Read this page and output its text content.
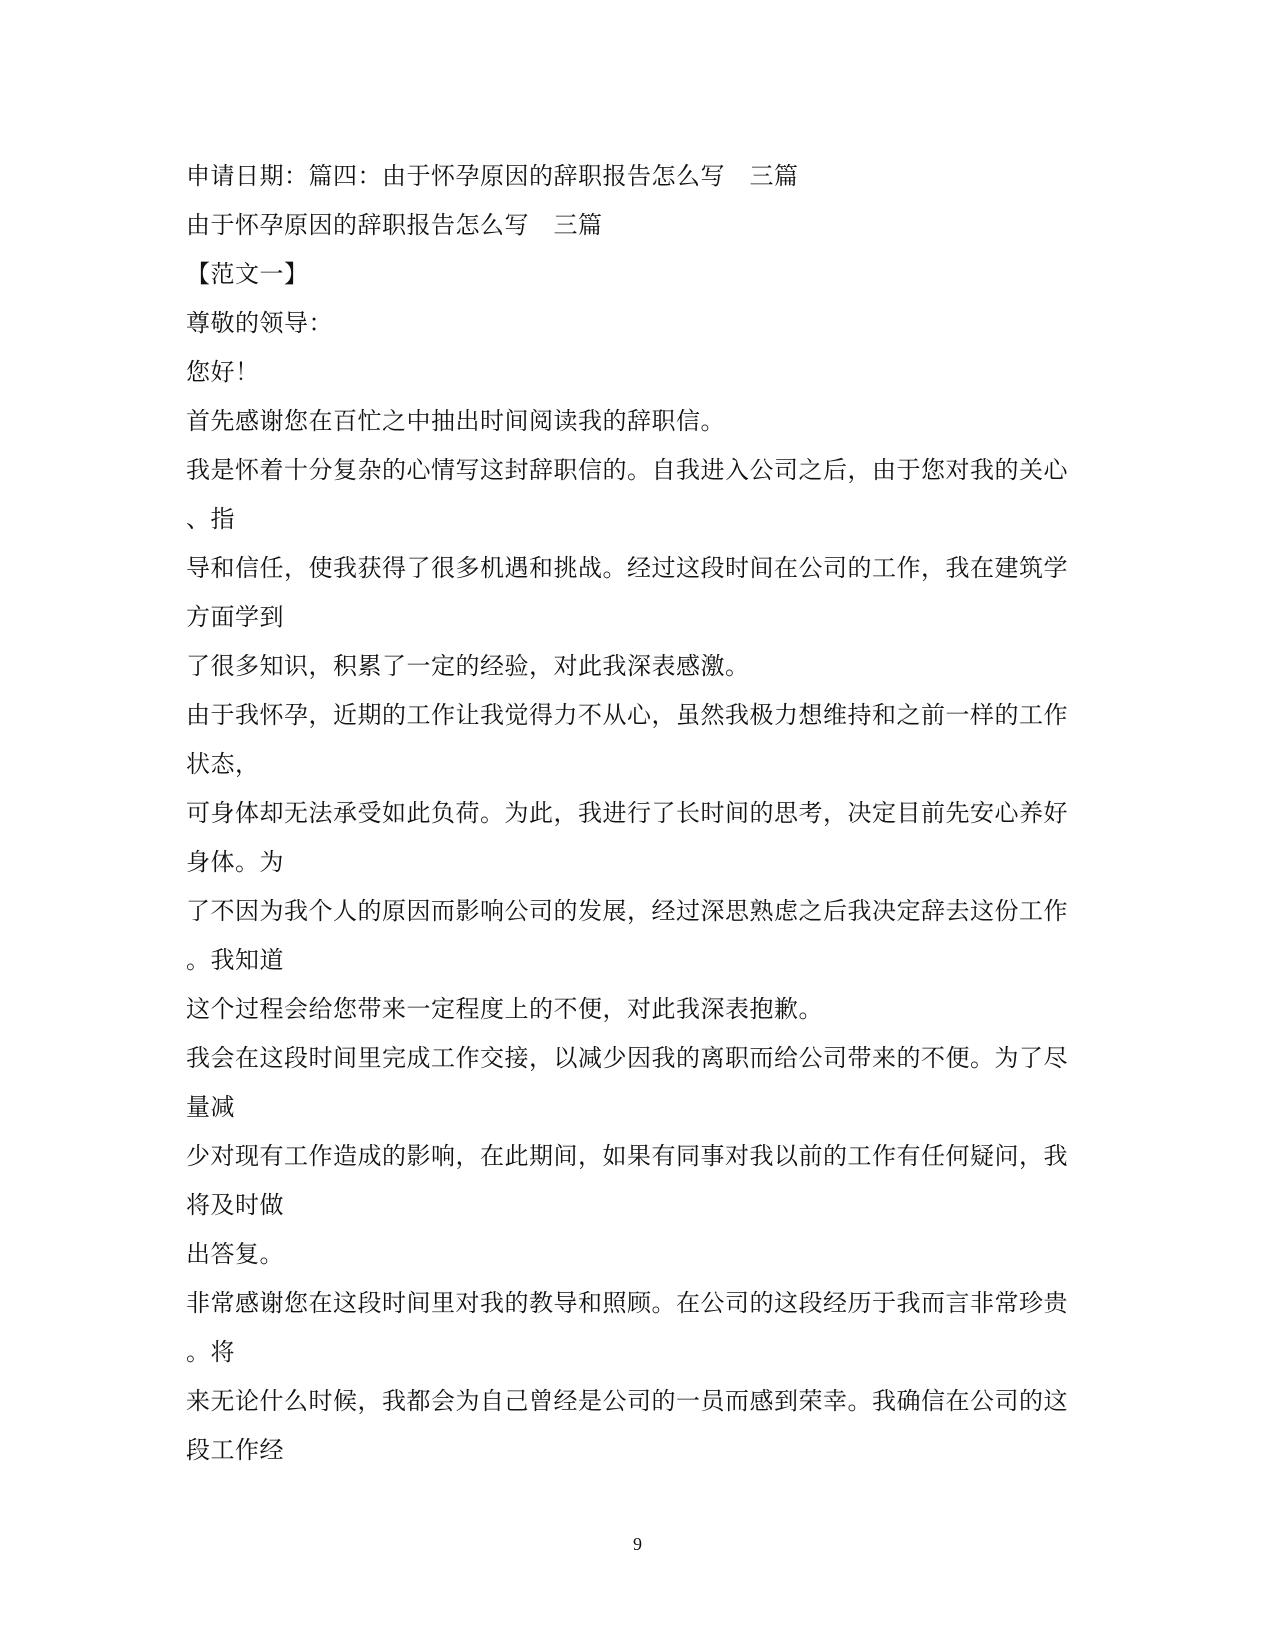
申请日期：篇四：由于怀孕原因的辞职报告怎么写　三篇
由于怀孕原因的辞职报告怎么写　三篇
【范文一】
尊敬的领导：
您好！
首先感谢您在百忙之中抽出时间阅读我的辞职信。
我是怀着十分复杂的心情写这封辞职信的。自我进入公司之后，由于您对我的关心
、指
导和信任，使我获得了很多机遇和挑战。经过这段时间在公司的工作，我在建筑学
方面学到
了很多知识，积累了一定的经验，对此我深表感激。
由于我怀孕，近期的工作让我觉得力不从心，虽然我极力想维持和之前一样的工作
状态，
可身体却无法承受如此负荷。为此，我进行了长时间的思考，决定目前先安心养好
身体。为
了不因为我个人的原因而影响公司的发展，经过深思熟虑之后我决定辞去这份工作
。我知道
这个过程会给您带来一定程度上的不便，对此我深表抱歉。
我会在这段时间里完成工作交接，以减少因我的离职而给公司带来的不便。为了尽
量减
少对现有工作造成的影响，在此期间，如果有同事对我以前的工作有任何疑问，我
将及时做
出答复。
非常感谢您在这段时间里对我的教导和照顾。在公司的这段经历于我而言非常珍贵
。将
来无论什么时候，我都会为自己曾经是公司的一员而感到荣幸。我确信在公司的这
段工作经
9
